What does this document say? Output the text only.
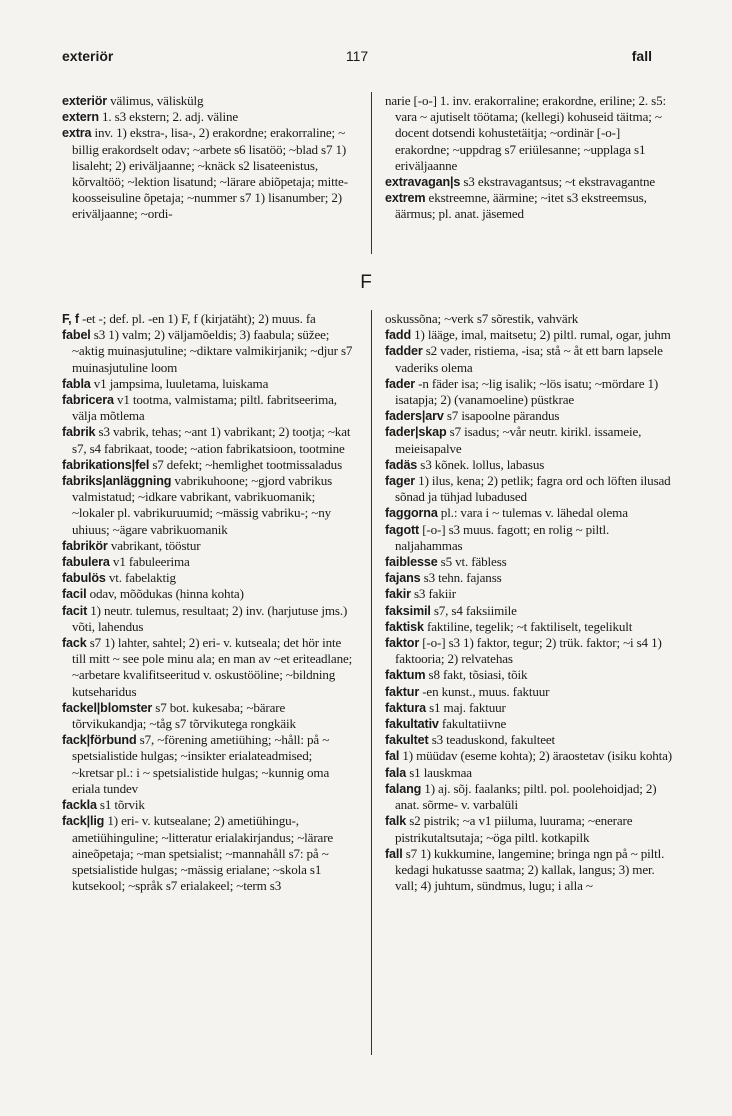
exteriör	117	fall

exteriör välimus, väliskülg

extern 1. s3 ekstern; 2. adj. väline

extra inv. 1) ekstra-, lisa-, 2) erakordne; erakorraline; ~ billig erakordselt odav; ~arbete s6 lisatöö; ~blad s7 1) lisaleht; 2) eriväljaanne; ~knäck s2 lisateenistus, kõrvaltöö; ~lektion lisatund; ~lärare abiõpetaja; mitte-koosseisuline õpetaja; ~nummer s7 1) lisanumber; 2) eriväljaanne; ~ordi-

narie [-o-] 1. inv. erakorraline; erakordne, eriline; 2. s5: vara ~ ajutiselt töötama; (kellegi) kohuseid täitma; ~ docent dotsendi kohustetäitja; ~ordinär [-o-] erakordne; ~uppdrag s7 eriülesanne; ~upplaga s1 eriväljaanne

extravagan|s s3 ekstravagantsus; ~t ekstravagantne

extrem ekstreemne, äärmine; ~itet s3 ekstreemsus, äärmus; pl. anat. jäsemed

F

F, f -et -; def. pl. -en 1) F, f (kirjatäht); 2) muus. fa

fabel s3 1) valm; 2) väljamõeldis; 3) faabula; süžee; ~aktig muinasjutuline; ~diktare valmikirjanik; ~djur s7 muinasjutuline loom

fabla v1 jampsima, luuletama, luiskama

fabricera v1 tootma, valmistama; piltl. fabritseerima, välja mõtlema

fabrik s3 vabrik, tehas; ~ant 1) vabrikant; 2) tootja; ~kat s7, s4 fabrikaat, toode; ~ation fabrikatsioon, tootmine

fabrikations|fel s7 defekt; ~hemlighet tootmissaladus

fabriks|anläggning vabrikuhoone; ~gjord vabrikus valmistatud; ~idkare vabrikant, vabrikuomanik; ~lokaler pl. vabrikuruumid; ~mässig vabriku-; ~ny uhiuus; ~ägare vabrikuomanik

fabrikör vabrikant, tööstur

fabulera v1 fabuleerima

fabulös vt. fabelaktig

facil odav, mõõdukas (hinna kohta)

facit 1) neutr. tulemus, resultaat; 2) inv. (harjutuse jms.) võti, lahendus

fack s7 1) lahter, sahtel; 2) eri- v. kutseala; det hör inte till mitt ~ see pole minu ala; en man av ~et eriteadlane; ~arbetare kvalifitseeritud v. oskustööline; ~bildning kutseharidus

fackel|blomster s7 bot. kukesaba; ~bärare tõrvikukandja; ~tåg s7 tõrvikutega rongkäik

fack|förbund s7, ~förening ametiühing; ~håll: på ~ spetsialistide hulgas; ~insikter erialateadmised; ~kretsar pl.: i ~ spetsialistide hulgas; ~kunnig oma eriala tundev

fackla s1 tõrvik

fack|lig 1) eri- v. kutsealane; 2) ametiühingu-, ametiühinguline; ~litteratur erialakirjandus; ~lärare aineõpetaja; ~man spetsialist; ~mannahåll s7: på ~ spetsialistide hulgas; ~mässig erialane; ~skola s1 kutsekool; ~språk s7 erialakeel; ~term s3

oskussõna; ~verk s7 sõrestik, vahvärk

fadd 1) lääge, imal, maitsetu; 2) piltl. rumal, ogar, juhm

fadder s2 vader, ristiema, -isa; stå ~ åt ett barn lapsele vaderiks olema

fader -n fäder isa; ~lig isalik; ~lös isatu; ~mördare 1) isatapja; 2) (vanamoeline) püstkrae

faders|arv s7 isapoolne pärandus

fader|skap s7 isadus; ~vår neutr. kirikl. issameie, meieisapalve

fadäs s3 kõnek. lollus, labasus

fager 1) ilus, kena; 2) petlik; fagra ord och löften ilusad sõnad ja tühjad lubadused

faggorna pl.: vara i ~ tulemas v. lähedal olema

fagott [-o-] s3 muus. fagott; en rolig ~ piltl. naljahammas

faiblesse s5 vt. fäbless

fajans s3 tehn. fajanss

fakir s3 fakiir

faksimil s7, s4 faksiimile

faktisk faktiline, tegelik; ~t faktiliselt, tegelikult

faktor [-o-] s3 1) faktor, tegur; 2) trük. faktor; ~i s4 1) faktooria; 2) relvatehas

faktum s8 fakt, tõsiasi, tõik

faktur -en kunst., muus. faktuur

faktura s1 maj. faktuur

fakultativ fakultatiivne

fakultet s3 teaduskond, fakulteet

fal 1) müüdav (eseme kohta); 2) äraostetav (isiku kohta)

fala s1 lauskmaa

falang 1) aj. sõj. faalanks; piltl. pol. poolehoidjad; 2) anat. sõrme- v. varbalüli

falk s2 pistrik; ~a v1 piiluma, luurama; ~enerare pistrikutaltsutaja; ~öga piltl. kotkapilk

fall s7 1) kukkumine, langemine; bringa ngn på ~ piltl. kedagi hukatusse saatma; 2) kallak, langus; 3) mer. vall; 4) juhtum, sündmus, lugu; i alla ~
